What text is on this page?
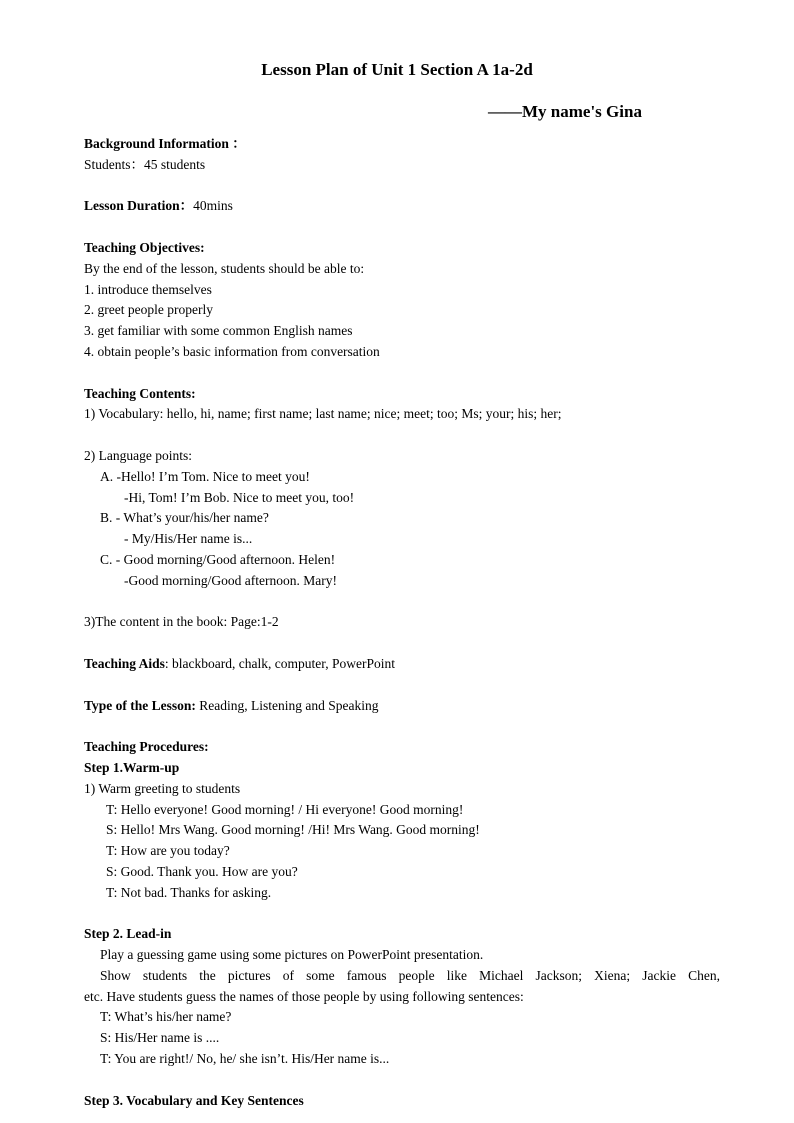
Lesson Plan of Unit 1 Section A 1a-2d
——My name's Gina
Background Information ：
Students：45 students
Lesson Duration：40mins
Teaching Objectives:
By the end of the lesson, students should be able to:
1. introduce themselves
2. greet people properly
3. get familiar with some common English names
4. obtain people’s basic information from conversation
Teaching Contents:
1) Vocabulary: hello, hi, name; first name; last name; nice; meet; too; Ms; your; his; her;
2) Language points:
A. -Hello! I’m Tom. Nice to meet you!
-Hi, Tom! I’m Bob. Nice to meet you, too!
B. - What’s your/his/her name?
- My/His/Her name is...
C. - Good morning/Good afternoon. Helen!
-Good morning/Good afternoon. Mary!
3)The content in the book: Page:1-2
Teaching Aids: blackboard, chalk, computer, PowerPoint
Type of the Lesson: Reading, Listening and Speaking
Teaching Procedures:
Step 1.Warm-up
1) Warm greeting to students
T: Hello everyone! Good morning! / Hi everyone! Good morning!
S: Hello! Mrs Wang. Good morning! /Hi! Mrs Wang. Good morning!
T: How are you today?
S: Good. Thank you. How are you?
T: Not bad. Thanks for asking.
Step 2. Lead-in
Play a guessing game using some pictures on PowerPoint presentation.
Show students the pictures of some famous people like Michael Jackson; Xiena; Jackie Chen,
etc. Have students guess the names of those people by using following sentences:
T: What’s his/her name?
S: His/Her name is ....
T: You are right!/ No, he/ she isn’t. His/Her name is...
Step 3. Vocabulary and Key Sentences
